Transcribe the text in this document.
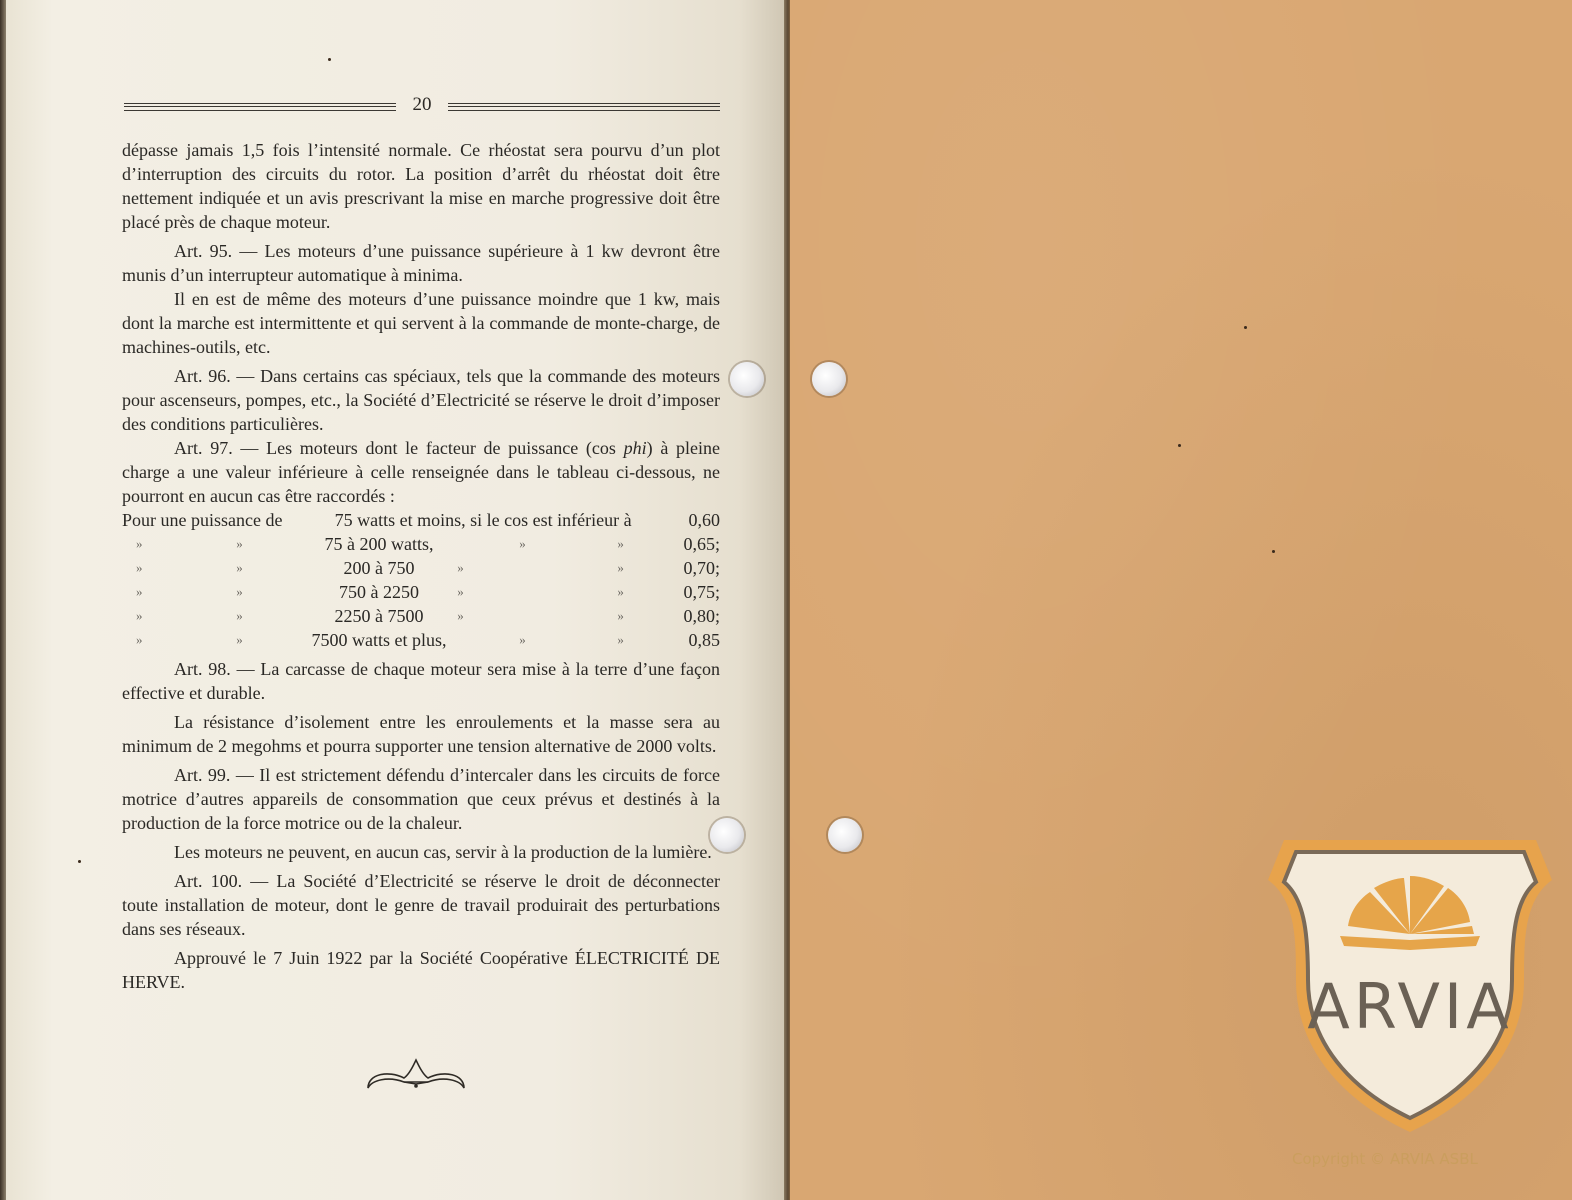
20

dépasse jamais 1,5 fois l’intensité normale. Ce rhéostat sera pourvu d’un plot d’interruption des circuits du rotor. La position d’arrêt du rhéostat doit être nettement indiquée et un avis prescrivant la mise en marche progressive doit être placé près de chaque moteur.

Art. 95. — Les moteurs d’une puissance supérieure à 1 kw devront être munis d’un interrupteur automatique à minima.

Il en est de même des moteurs d’une puissance moindre que 1 kw, mais dont la marche est intermittente et qui servent à la commande de monte-charge, de machines-outils, etc.

Art. 96. — Dans certains cas spéciaux, tels que la commande des moteurs pour ascenseurs, pompes, etc., la Société d’Electricité se réserve le droit d’imposer des conditions particulières.

Art. 97. — Les moteurs dont le facteur de puissance (cos phi) à pleine charge a une valeur inférieure à celle renseignée dans le tableau ci-dessous, ne pourront en aucun cas être raccordés :

Pour une puissance de		75 watts et moins, si le cos est inférieur à			0,60
»	»	75 à 200 watts,	»	»	0,65;
»	»	200 à 750	»	»	0,70;
»	»	750 à 2250	»	»	0,75;
»	»	2250 à 7500	»	»	0,80;
»	»	7500 watts et plus,	»	»	0,85

Art. 98. — La carcasse de chaque moteur sera mise à la terre d’une façon effective et durable.

La résistance d’isolement entre les enroulements et la masse sera au minimum de 2 megohms et pourra supporter une tension alternative de 2000 volts.

Art. 99. — Il est strictement défendu d’intercaler dans les circuits de force motrice d’autres appareils de consommation que ceux prévus et destinés à la production de la force motrice ou de la chaleur.

Les moteurs ne peuvent, en aucun cas, servir à la production de la lumière.

Art. 100. — La Société d’Electricité se réserve le droit de déconnecter toute installation de moteur, dont le genre de travail produirait des perturbations dans ses réseaux.

Approuvé le 7 Juin 1922 par la Société Coopérative ÉLECTRICITÉ DE HERVE.	ARVIA
Copyright © ARVIA ASBL
